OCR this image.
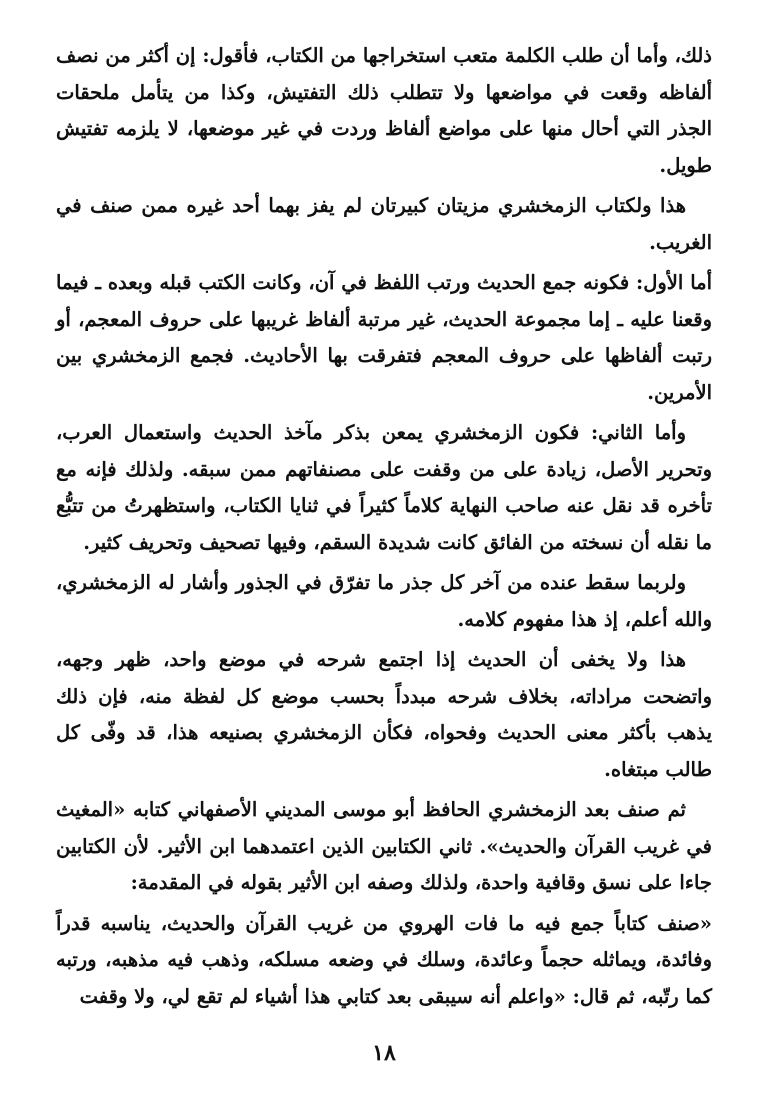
ذلك، وأما أن طلب الكلمة متعب استخراجها من الكتاب، فأقول: إن أكثر من نصف ألفاظه وقعت في مواضعها ولا تتطلب ذلك التفتيش، وكذا من يتأمل ملحقات الجذر التي أحال منها على مواضع ألفاظ وردت في غير موضعها، لا يلزمه تفتيش طويل.

هذا ولكتاب الزمخشري مزيتان كبيرتان لم يفز بهما أحد غيره ممن صنف في الغريب.

أما الأول: فكونه جمع الحديث ورتب اللفظ في آن، وكانت الكتب قبله وبعده ـ فيما وقعنا عليه ـ إما مجموعة الحديث، غير مرتبة ألفاظ غريبها على حروف المعجم، أو رتبت ألفاظها على حروف المعجم فتفرقت بها الأحاديث. فجمع الزمخشري بين الأمرين.

وأما الثاني: فكون الزمخشري يمعن بذكر مآخذ الحديث واستعمال العرب، وتحرير الأصل، زيادة على من وقفت على مصنفاتهم ممن سبقه. ولذلك فإنه مع تأخره قد نقل عنه صاحب النهاية كلاماً كثيراً في ثنايا الكتاب، واستظهرتُ من تتبُّع ما نقله أن نسخته من الفائق كانت شديدة السقم، وفيها تصحيف وتحريف كثير.

ولربما سقط عنده من آخر كل جذر ما تفرّق في الجذور وأشار له الزمخشري، والله أعلم، إذ هذا مفهوم كلامه.

هذا ولا يخفى أن الحديث إذا اجتمع شرحه في موضع واحد، ظهر وجهه، واتضحت مراداته، بخلاف شرحه مبدداً بحسب موضع كل لفظة منه، فإن ذلك يذهب بأكثر معنى الحديث وفحواه، فكأن الزمخشري بصنيعه هذا، قد وفّى كل طالب مبتغاه.

ثم صنف بعد الزمخشري الحافظ أبو موسى المديني الأصفهاني كتابه «المغيث في غريب القرآن والحديث». ثاني الكتابين الذين اعتمدهما ابن الأثير. لأن الكتابين جاءا على نسق وقافية واحدة، ولذلك وصفه ابن الأثير بقوله في المقدمة:

«صنف كتاباً جمع فيه ما فات الهروي من غريب القرآن والحديث، يناسبه قدراً وفائدة، ويماثله حجماً وعائدة، وسلك في وضعه مسلكه، وذهب فيه مذهبه، ورتبه كما رتّبه، ثم قال: «واعلم أنه سيبقى بعد كتابي هذا أشياء لم تقع لي، ولا وقفت

١٨
